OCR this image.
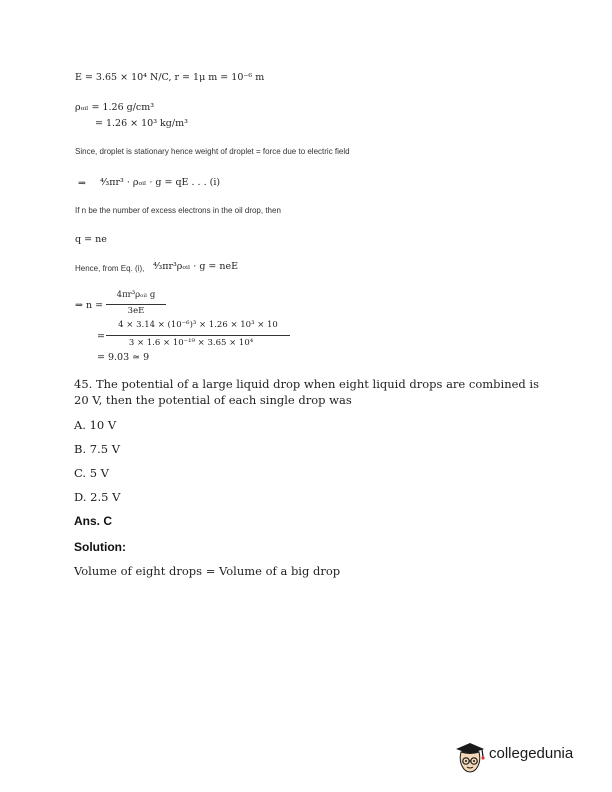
E = 3.65 × 10⁴ N/C, r = 1μ m = 10⁻⁶ m
ρₒᵢₗ = 1.26 g/cm³
= 1.26 × 10³ kg/m³
Since, droplet is stationary hence weight of droplet = force due to electric field
⇒ ⁴⁄₃πr³ · ρₒᵢₗ · g = qE . . . (i)
If n be the number of excess electrons in the oil drop, then
q = ne
Hence, from Eq. (i), ⁴⁄₃πr³ρₒᵢₗ · g = neE
⇒ n =
4πr³ρₒᵢₗ g
3eE
=
4 × 3.14 × (10⁻⁶)³ × 1.26 × 10³ × 10
3 × 1.6 × 10⁻¹⁹ × 3.65 × 10⁴
= 9.03 ≃ 9
45. The potential of a large liquid drop when eight liquid drops are combined is 20 V, then the potential of each single drop was
A. 10 V
B. 7.5 V
C. 5 V
D. 2.5 V
Ans. C
Solution:
Volume of eight drops = Volume of a big drop
collegedunia
